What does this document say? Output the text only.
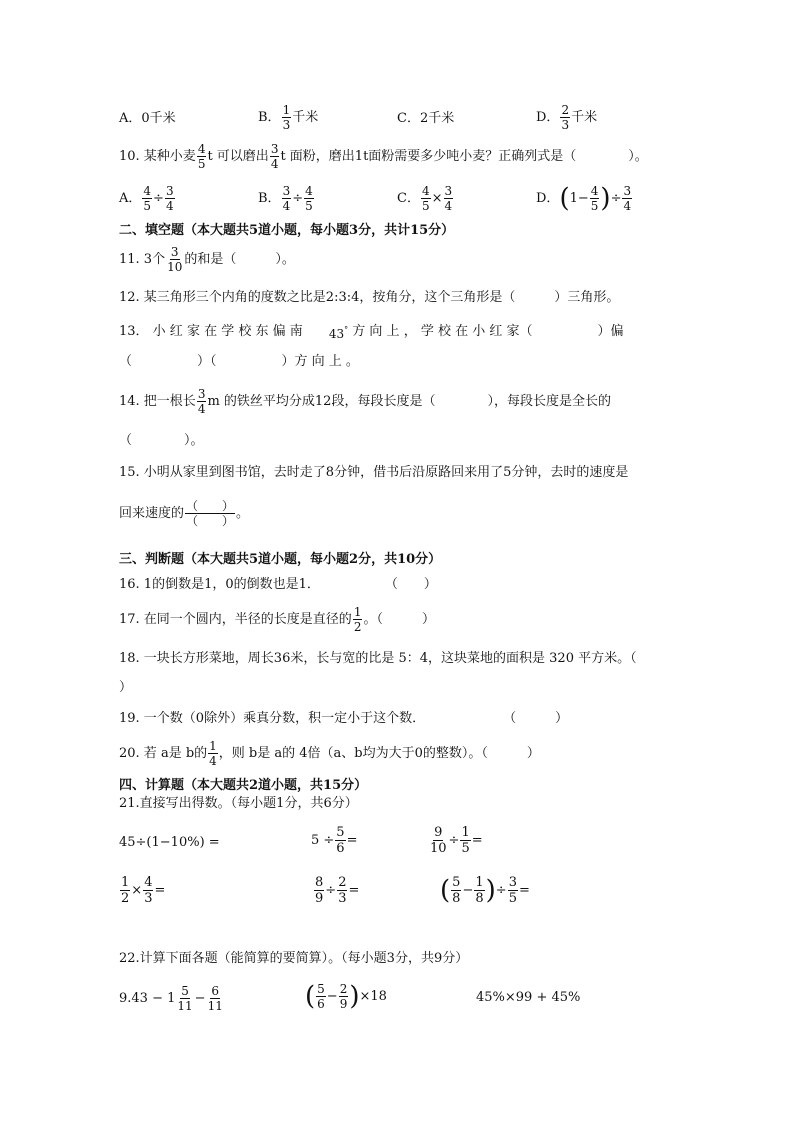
A．0千米	B． $\frac{1}{3}$ 千米	C．2千米	D． $\frac{2}{3}$ 千米
10. 某种小麦 $\frac{4}{5}$ t 可以磨出 $\frac{3}{4}$ t 面粉，磨出1t面粉需要多少吨小麦？正确列式是（　　　　）。
A． $\frac{4}{5} \div \frac{3}{4}$	B． $\frac{3}{4} \div \frac{4}{5}$	C． $\frac{4}{5} \times \frac{3}{4}$	D．($1- \frac{4}{5}$ )÷ $\frac{3}{4}$
二、填空题（本大题共5道小题，每小题3分，共计15分）
11. 3个 $\frac{3}{10}$ 的和是（　　　）。
12. 某三角形三个内角的度数之比是2:3:4，按角分，这个三角形是（　　　）三角形。
13． 小 红 家 在 学 校 东 偏 南 43° 方 向 上 ， 学 校 在 小 红 家（　　　　　）偏
（　　　　　）（　　　　　）方 向 上 。
14. 把一根长 $\frac{3}{4}$ m 的铁丝平均分成12段，每段长度是（　　　　），每段长度是全长的
（　　　　）。
15. 小明从家里到图书馆，去时走了8分钟，借书后沿原路回来用了5分钟，去时的速度是
回来速度的 $\frac{( )}{( )}$ 。
三、判断题（本大题共5道小题，每小题2分，共10分）
16. 1的倒数是1，0的倒数也是1．　　　　　　（　　）
17. 在同一个圆内，半径的长度是直径的 $\frac{1}{2}$ 。（　　　）
18. 一块长方形菜地，周长36米，长与宽的比是 5：4，这块菜地的面积是 320 平方米。（
）
19. 一个数（0除外）乘真分数，积一定小于这个数．　　　　　　　（　　　）
20. 若 a是 b的 $\frac{1}{4}$ ，则 b是 a的 4倍（a、b均为大于0的整数）。（　　　）
四、计算题（本大题共2道小题，共15分）
21.直接写出得数。（每小题1分，共6分）
45÷(1−10%) =	$5 \div \frac{5}{6}$ =	$\frac{9}{10} \div \frac{1}{5}$ =
$\frac{1}{2} \times \frac{4}{3}$ =	$\frac{8}{9} \div \frac{2}{3}$ =	( $\frac{5}{8} - \frac{1}{8}$ )÷ $\frac{3}{5}$ =
22.计算下面各题（能简算的要简算）。（每小题3分，共9分）
$9.43 - 1 \frac{5}{11} - \frac{6}{11}$	( $\frac{5}{6} - \frac{2}{9} )\times 18$	45%×99 + 45%
